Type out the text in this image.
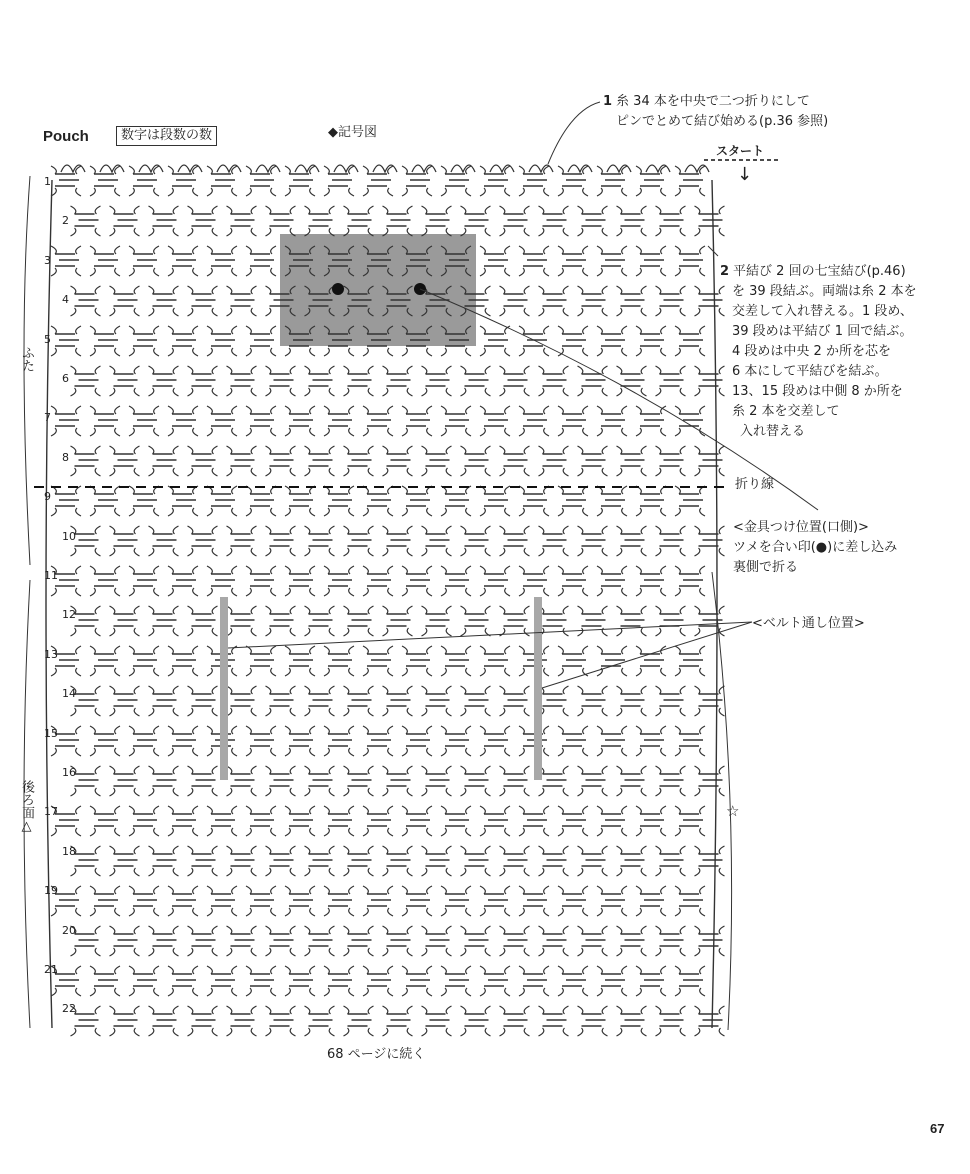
Pouch	数字は段数の数	◆記号図
1 糸 34 本を中央で二つ折りにして
ピンでとめて結び始める(p.36 参照)
スタート
↓
2 平結び 2 回の七宝結び(p.46)
を 39 段結ぶ。両端は糸 2 本を
交差して入れ替える。1 段め、
39 段めは平結び 1 回で結ぶ。
4 段めは中央 2 か所を芯を
6 本にして平結びを結ぶ。
13、15 段めは中側 8 か所を
糸 2 本を交差して
入れ替える
折り線
<金具つけ位置(口側)>
ツメを合い印(●)に差し込み
裏側で折る
<ベルト通し位置>
☆
ふた
後ろ面△
1
2
3
4
5
6
7
8
9
10
11
12
13
14
15
16
17
18
19
20
21
22
68 ページに続く
67
